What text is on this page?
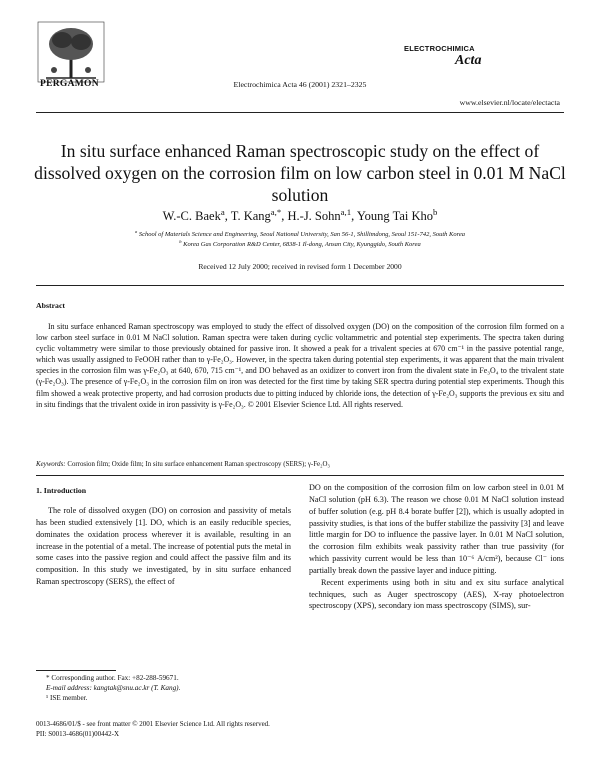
PERGAMON	Electrochimica Acta 46 (2001) 2321–2325
ELECTROCHIMICA
Acta
www.elsevier.nl/locate/electacta
In situ surface enhanced Raman spectroscopic study on the effect of dissolved oxygen on the corrosion film on low carbon steel in 0.01 M NaCl solution
W.-C. Baek$^a$, T. Kang$^{a,*}$, H.-J. Sohn$^{a,1}$, Young Tai Kho$^b$
$^a$ School of Materials Science and Engineering, Seoul National University, San 56-1, Shillimdong, Seoul 151-742, South Korea
$^b$ Korea Gas Corporation R&D Center, 6838-1 Il-dong, Ansan City, Kyunggido, South Korea
Received 12 July 2000; received in revised form 1 December 2000
Abstract

In situ surface enhanced Raman spectroscopy was employed to study the effect of dissolved oxygen (DO) on the composition of the corrosion film formed on a low carbon steel surface in 0.01 M NaCl solution. Raman spectra were taken during cyclic voltammetric and potential step experiments. The spectra taken during cyclic voltammetry were similar to those previously obtained for passive iron. It showed a peak for a trivalent species at 670 cm⁻¹ in the passive potential range, which was usually assigned to FeOOH rather than to γ-Fe₂O₃. However, in the spectra taken during potential step experiments, it was apparent that the main trivalent species in the corrosion film was γ-Fe₂O₃ at 640, 670, 715 cm⁻¹, and DO behaved as an oxidizer to convert iron from the divalent state in Fe₃O₄ to the trivalent state (γ-Fe₂O₃). The presence of γ-Fe₂O₃ in the corrosion film on iron was detected for the first time by taking SER spectra during potential step experiments. Though this film showed a weak protective property, and had corrosion products due to pitting induced by chloride ions, the detection of γ-Fe₂O₃ supports the previous ex situ and in situ findings that the trivalent oxide in iron passivity is γ-Fe₂O₃. © 2001 Elsevier Science Ltd. All rights reserved.

Keywords: Corrosion film; Oxide film; In situ surface enhancement Raman spectroscopy (SERS); γ-Fe₂O₃
1. Introduction

The role of dissolved oxygen (DO) on corrosion and passivity of metals has been studied extensively [1]. DO, which is an easily reducible species, dominates the oxidation process wherever it is available, resulting in an increase in the potential of a metal. The increase of potential puts the metal in some cases into the passive region and could affect the passive film and its composition. In this study we investigated, by in situ surface enhanced Raman spectroscopy (SERS), the effect of

DO on the composition of the corrosion film on low carbon steel in 0.01 M NaCl solution (pH 6.3). The reason we chose 0.01 M NaCl solution instead of buffer solution (e.g. pH 8.4 borate buffer [2]), which is usually adopted in passivity studies, is that ions of the buffer stabilize the passivity [3] and leave little margin for DO to influence the passive layer. In 0.01 M NaCl solution, the corrosion film exhibits weak passivity rather than true passivity (for which passivity current would be less than 10⁻⁶ A/cm²), because Cl⁻ ions partially break down the passive layer and induce pitting.

Recent experiments using both in situ and ex situ surface analytical techniques, such as Auger spectroscopy (AES), X-ray photoelectron spectroscopy (XPS), secondary ion mass spectroscopy (SIMS), sur-

* Corresponding author. Fax: +82-288-59671.
E-mail address: kangtak@snu.ac.kr (T. Kang).
¹ ISE member.
0013-4686/01/$ - see front matter © 2001 Elsevier Science Ltd. All rights reserved.
PII: S0013-4686(01)00442-X
